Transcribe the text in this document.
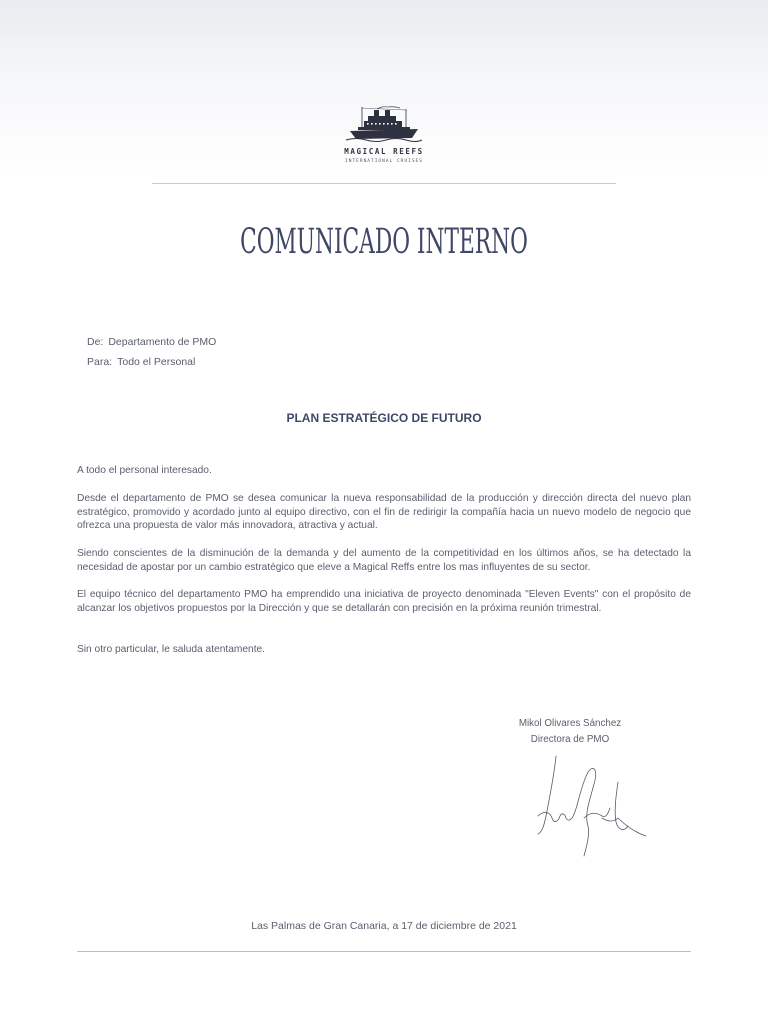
MAGICAL REEFS
INTERNATIONAL CRUISES
COMUNICADO INTERNO
De: Departamento de PMO
Para: Todo el Personal
PLAN ESTRATÉGICO DE FUTURO
A todo el personal interesado.
Desde el departamento de PMO se desea comunicar la nueva responsabilidad de la producción y dirección directa del nuevo plan estratégico, promovido y acordado junto al equipo directivo, con el fin de redirigir la compañía hacia un nuevo modelo de negocio que ofrezca una propuesta de valor más innovadora, atractiva y actual.
Siendo conscientes de la disminución de la demanda y del aumento de la competitividad en los últimos años, se ha detectado la necesidad de apostar por un cambio estratégico que eleve a Magical Reffs entre los mas influyentes de su sector.
El equipo técnico del departamento PMO ha emprendido una iniciativa de proyecto denominada "Eleven Events" con el propósito de alcanzar los objetivos propuestos por la Dirección y que se detallarán con precisión en la próxima reunión trimestral.
Sin otro particular, le saluda atentamente.
Mikol Olivares Sánchez
Directora de PMO
Las Palmas de Gran Canaria, a 17 de diciembre de 2021
